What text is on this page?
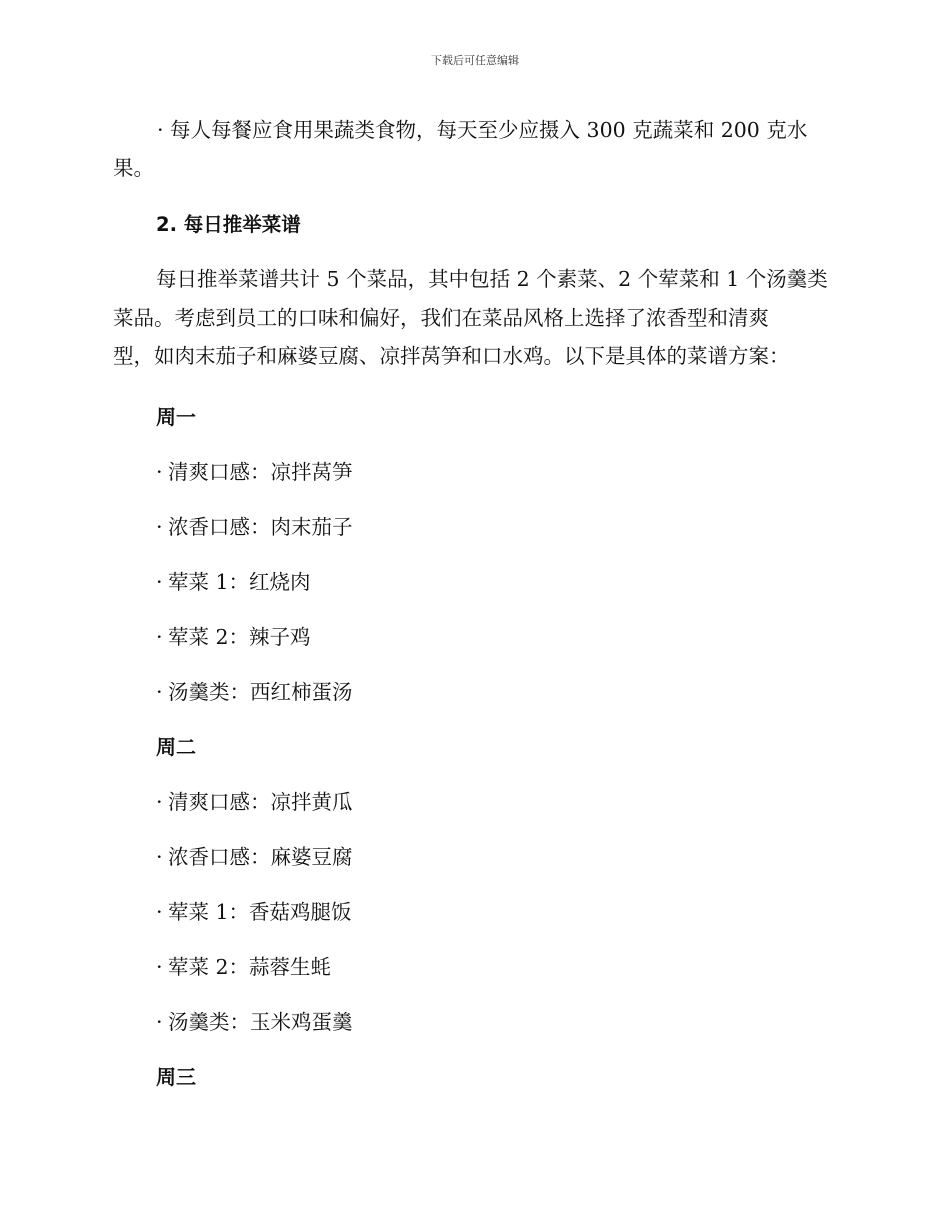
下载后可任意编辑
· 每人每餐应食用果蔬类食物，每天至少应摄入 300 克蔬菜和 200 克水
果。
2. 每日推举菜谱
每日推举菜谱共计 5 个菜品，其中包括 2 个素菜、2 个荤菜和 1 个汤羹类
菜品。考虑到员工的口味和偏好，我们在菜品风格上选择了浓香型和清爽
型，如肉末茄子和麻婆豆腐、凉拌莴笋和口水鸡。以下是具体的菜谱方案：
周一
· 清爽口感：凉拌莴笋
· 浓香口感：肉末茄子
· 荤菜 1：红烧肉
· 荤菜 2：辣子鸡
· 汤羹类：西红柿蛋汤
周二
· 清爽口感：凉拌黄瓜
· 浓香口感：麻婆豆腐
· 荤菜 1：香菇鸡腿饭
· 荤菜 2：蒜蓉生蚝
· 汤羹类：玉米鸡蛋羹
周三
